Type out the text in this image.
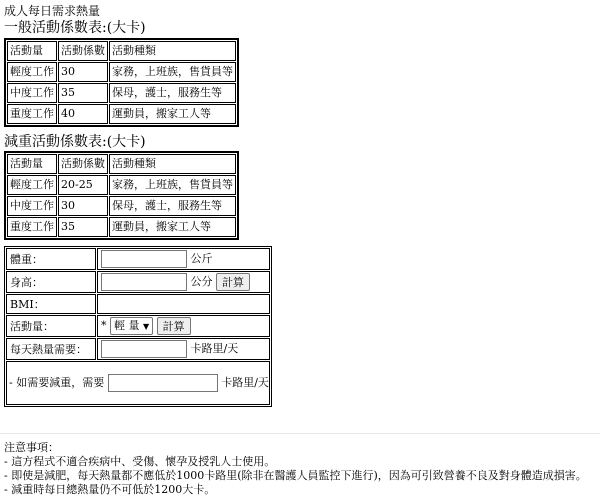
成人每日需求熱量
一般活動係數表:(大卡)
活動量	活動係數	活動種類
輕度工作	30	家務，上班族，售貨員等
中度工作	35	保母，護士，服務生等
重度工作	40	運動員，搬家工人等
減重活動係數表:(大卡)
活動量	活動係數	活動種類
輕度工作	20-25	家務，上班族，售貨員等
中度工作	30	保母，護士，服務生等
重度工作	35	運動員，搬家工人等
體重：	公斤
身高：	公分 計算
BMI：	
活動量：	* 輕 量 ▼ 計算
每天熱量需要：	卡路里/天
- 如需要減重，需要 卡路里/天	
注意事項：
- 這方程式不適合疾病中、受傷、懷孕及授乳人士使用。
- 即使是減肥，每天熱量都不應低於1000卡路里(除非在醫護人員監控下進行)，因為可引致營養不良及對身體造成損害。
- 減重時每日總熱量仍不可低於1200大卡。
